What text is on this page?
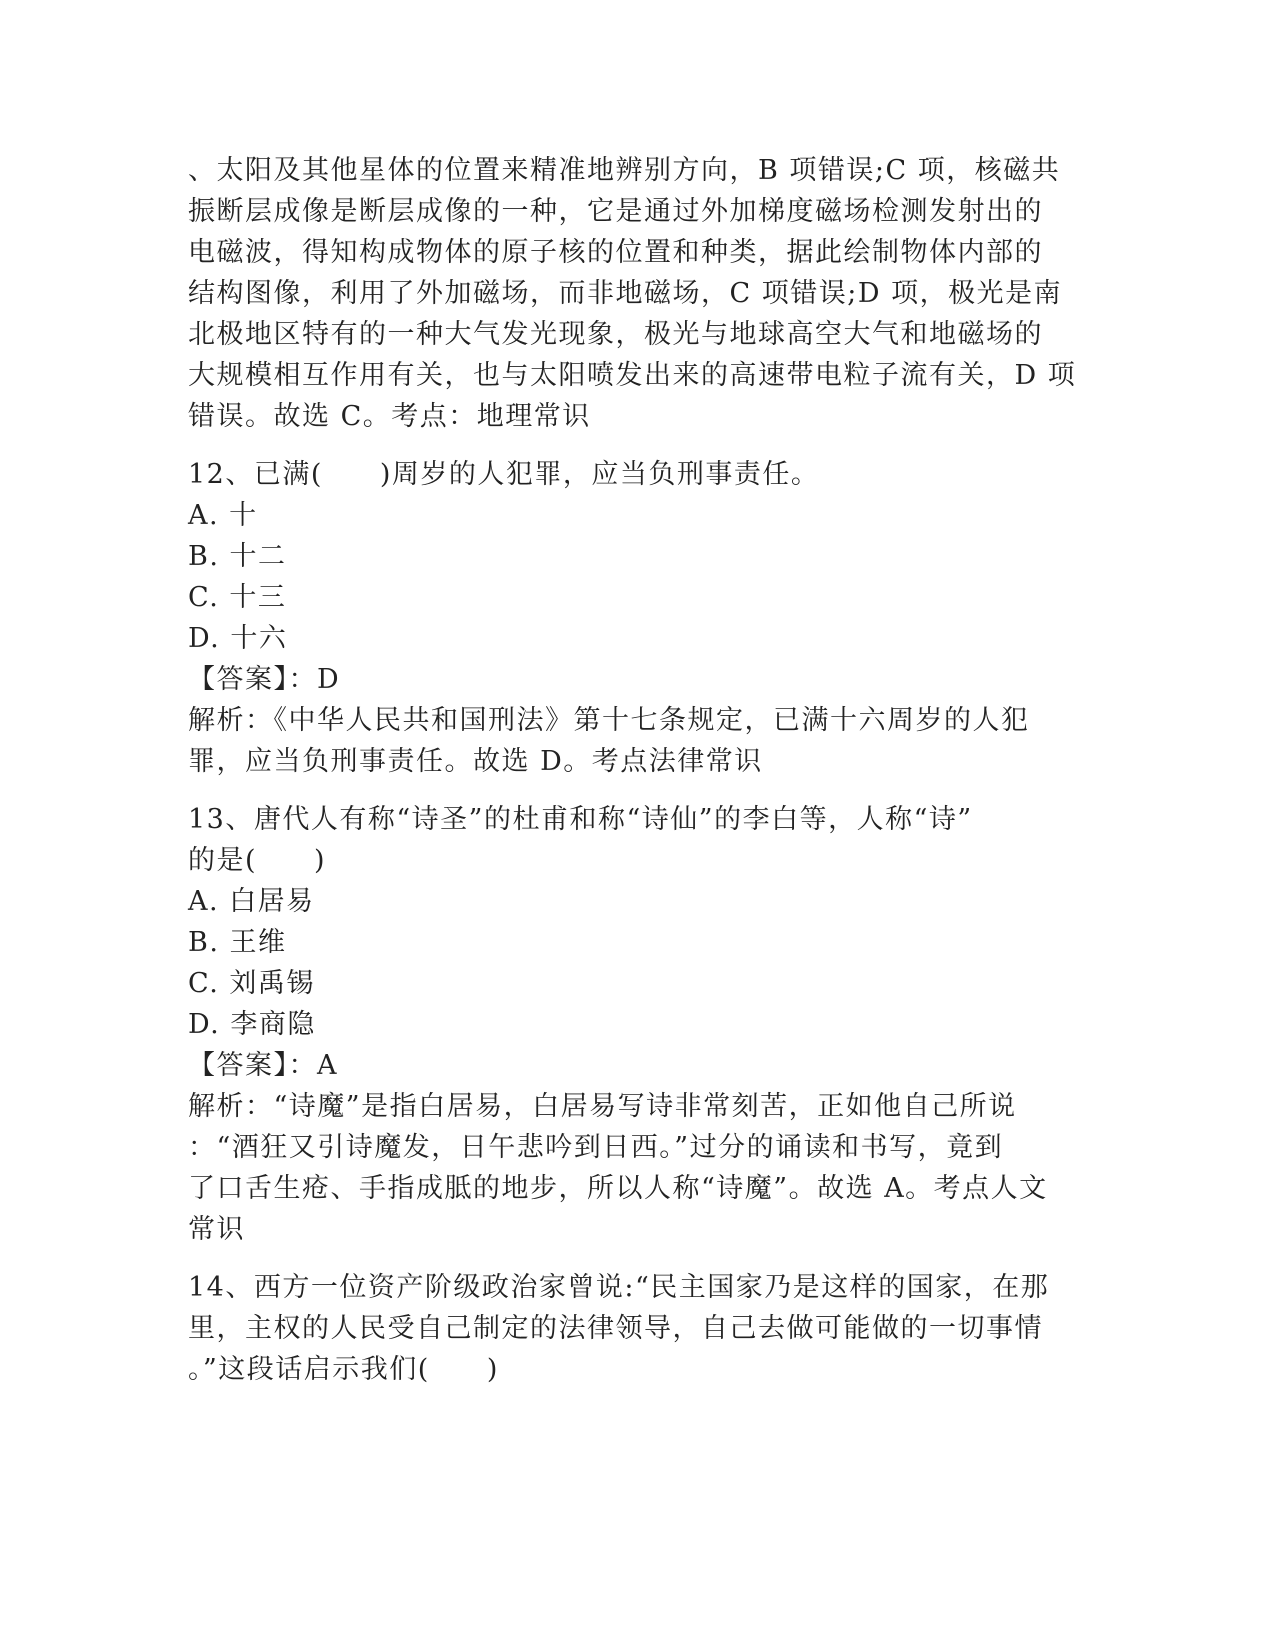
、太阳及其他星体的位置来精准地辨别方向，B 项错误;C 项，核磁共
振断层成像是断层成像的一种，它是通过外加梯度磁场检测发射出的
电磁波，得知构成物体的原子核的位置和种类，据此绘制物体内部的
结构图像，利用了外加磁场，而非地磁场，C 项错误;D 项，极光是南
北极地区特有的一种大气发光现象，极光与地球高空大气和地磁场的
大规模相互作用有关，也与太阳喷发出来的高速带电粒子流有关，D 项
错误。故选 C。考点：地理常识
12、已满(　　)周岁的人犯罪，应当负刑事责任。
A. 十
B. 十二
C. 十三
D. 十六
【答案】：D
解析：《中华人民共和国刑法》第十七条规定，已满十六周岁的人犯
罪，应当负刑事责任。故选 D。考点法律常识
13、唐代人有称“诗圣”的杜甫和称“诗仙”的李白等，人称“诗”
的是(　　)
A. 白居易
B. 王维
C. 刘禹锡
D. 李商隐
【答案】：A
解析：“诗魔”是指白居易，白居易写诗非常刻苦，正如他自己所说
：“酒狂又引诗魔发，日午悲吟到日西。”过分的诵读和书写，竟到
了口舌生疮、手指成胝的地步，所以人称“诗魔”。故选 A。考点人文
常识
14、西方一位资产阶级政治家曾说:“民主国家乃是这样的国家，在那
里，主权的人民受自己制定的法律领导，自己去做可能做的一切事情
。”这段话启示我们(　　)
